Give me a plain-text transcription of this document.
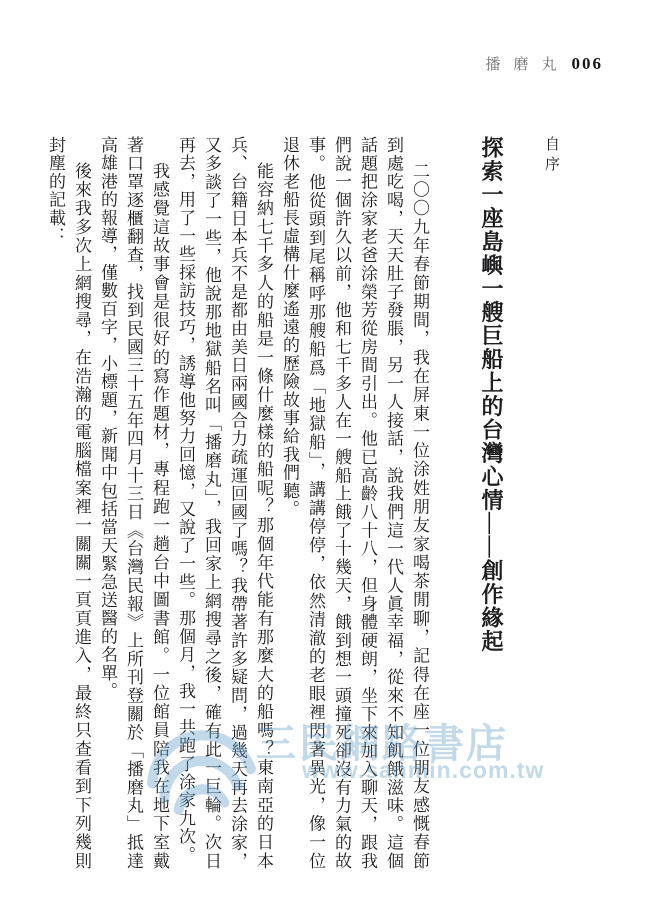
播磨丸 006
自序
探索一座島嶼一艘巨船上的台灣心情——創作緣起

二〇〇九年春節期間，我在屏東一位涂姓朋友家喝茶閒聊，記得在座一位朋友感慨春節到處吃喝，天天肚子發脹，另一人接話，說我們這一代人眞幸福，從來不知飢餓滋味。這個話題把涂家老爸涂榮芳從房間引出。他已高齡八十八，但身體硬朗，坐下來加入聊天，跟我們說一個許久以前，他和七千多人在一艘船上餓了十幾天，餓到想一頭撞死卻沒有力氣的故事。他從頭到尾稱呼那艘船爲「地獄船」，講講停停，依然清澈的老眼裡閃著異光，像一位退休老船長虛構什麼遙遠的歷險故事給我們聽。

能容納七千多人的船是一條什麼樣的船呢？那個年代能有那麼大的船嗎？東南亞的日本兵、台籍日本兵不是都由美日兩國合力疏運回國了嗎？我帶著許多疑問，過幾天再去涂家，又多談了一些，他說那地獄船名叫「播磨丸」，我回家上網搜尋之後，確有此一巨輪。次日再去，用了一些採訪技巧，誘導他努力回憶，又說了一些。那個月，我一共跑了涂家九次。

我感覺這故事會是很好的寫作題材，專程跑一趟台中圖書館。一位館員陪我在地下室戴著口罩逐櫃翻查，找到民國三十五年四月十三日《台灣民報》上所刊登關於「播磨丸」抵達高雄港的報導，僅數百字，小標題，新聞中包括當天緊急送醫的名單。

後來我多次上網搜尋，在浩瀚的電腦檔案裡一關關一頁頁進入，最終只查看到下列幾則封塵的記載：

三民網路書店
www.sanmin.com.tw
